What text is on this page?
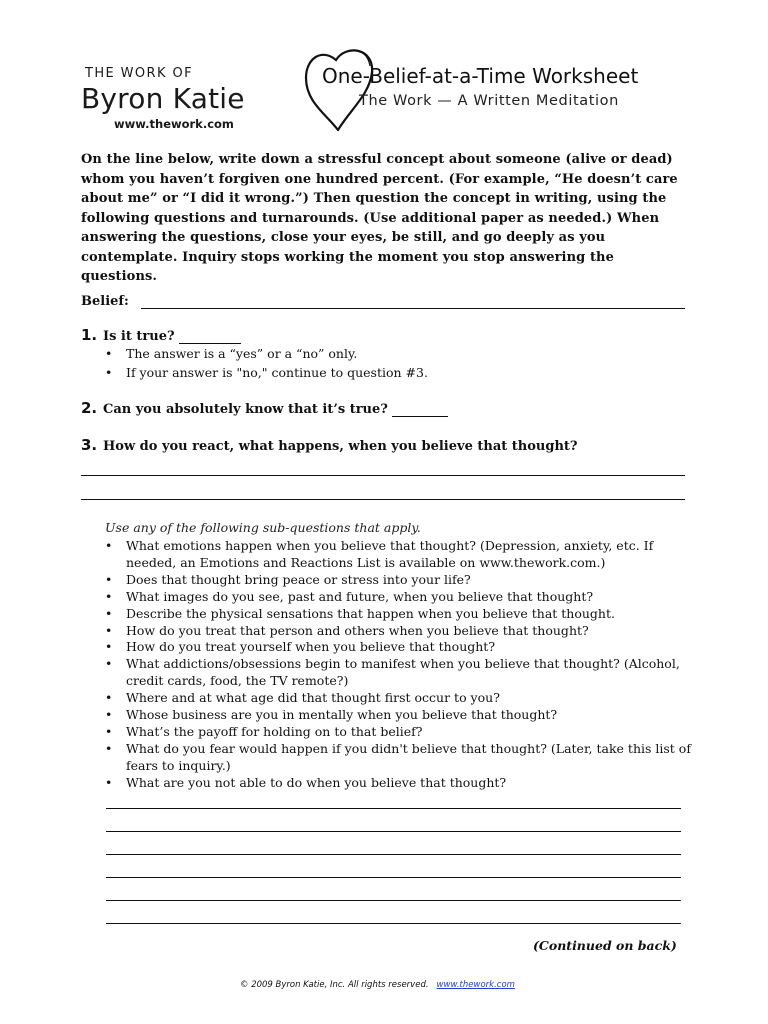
THE WORK OF
Byron Katie
www.thework.com
One-Belief-at-a-Time Worksheet
The Work — A Written Meditation
On the line below, write down a stressful concept about someone (alive or dead) whom you haven’t forgiven one hundred percent. (For example, “He doesn’t care about me” or “I did it wrong.”) Then question the concept in writing, using the following questions and turnarounds. (Use additional paper as needed.) When answering the questions, close your eyes, be still, and go deeply as you contemplate. Inquiry stops working the moment you stop answering the questions.
Belief:
1. Is it true?
• The answer is a “yes” or a “no” only.
• If your answer is "no," continue to question #3.
2. Can you absolutely know that it’s true?
3. How do you react, what happens, when you believe that thought?
Use any of the following sub-questions that apply.
• What emotions happen when you believe that thought? (Depression, anxiety, etc. If needed, an Emotions and Reactions List is available on www.thework.com.)
• Does that thought bring peace or stress into your life?
• What images do you see, past and future, when you believe that thought?
• Describe the physical sensations that happen when you believe that thought.
• How do you treat that person and others when you believe that thought?
• How do you treat yourself when you believe that thought?
• What addictions/obsessions begin to manifest when you believe that thought? (Alcohol, credit cards, food, the TV remote?)
• Where and at what age did that thought first occur to you?
• Whose business are you in mentally when you believe that thought?
• What’s the payoff for holding on to that belief?
• What do you fear would happen if you didn't believe that thought? (Later, take this list of fears to inquiry.)
• What are you not able to do when you believe that thought?
(Continued on back)
© 2009 Byron Katie, Inc. All rights reserved. www.thework.com
